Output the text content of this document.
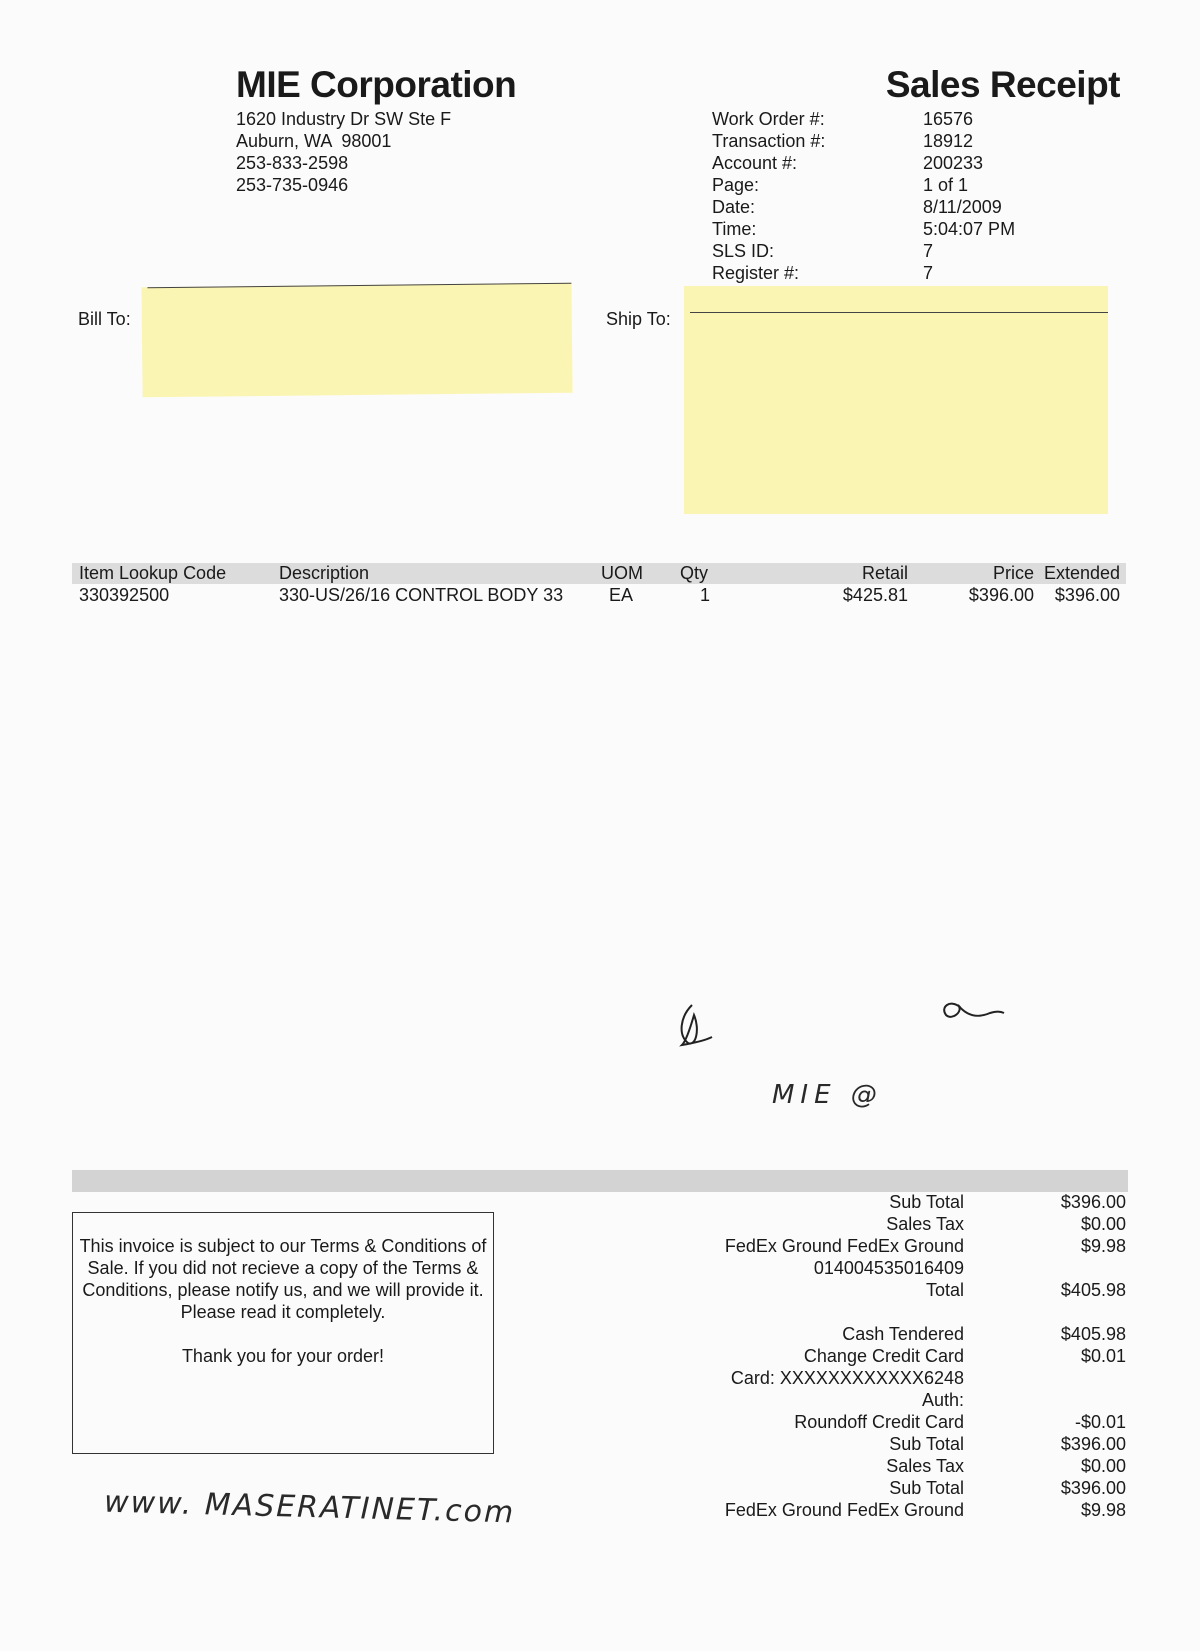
MIE Corporation
1620 Industry Dr SW Ste F
Auburn, WA  98001
253-833-2598
253-735-0946
Sales Receipt
Work Order #:	16576
Transaction #:	18912
Account #:	200233
Page:	1 of 1
Date:	8/11/2009
Time:	5:04:07 PM
SLS ID:	7
Register #:	7
Bill To:	Ship To:
Item Lookup Code	Description	UOM Qty	Retail	Price Extended
330392500	330-US/26/16 CONTROL BODY 33	EA	1	$425.81	$396.00 $396.00
MIE @

This invoice is subject to our Terms & Conditions of Sale. If you did not recieve a copy of the Terms & Conditions, please notify us, and we will provide it. Please read it completely.

Thank you for your order!

Sub Total	$396.00
Sales Tax	$0.00
FedEx Ground FedEx Ground	$9.98
014004535016409
Total	$405.98
Cash Tendered	$405.98
Change Credit Card	$0.01
Card: XXXXXXXXXXXX6248
Auth:
Roundoff Credit Card	-$0.01
Sub Total	$396.00
Sales Tax	$0.00
Sub Total	$396.00
FedEx Ground FedEx Ground	$9.98
www. MASERATINET.com
